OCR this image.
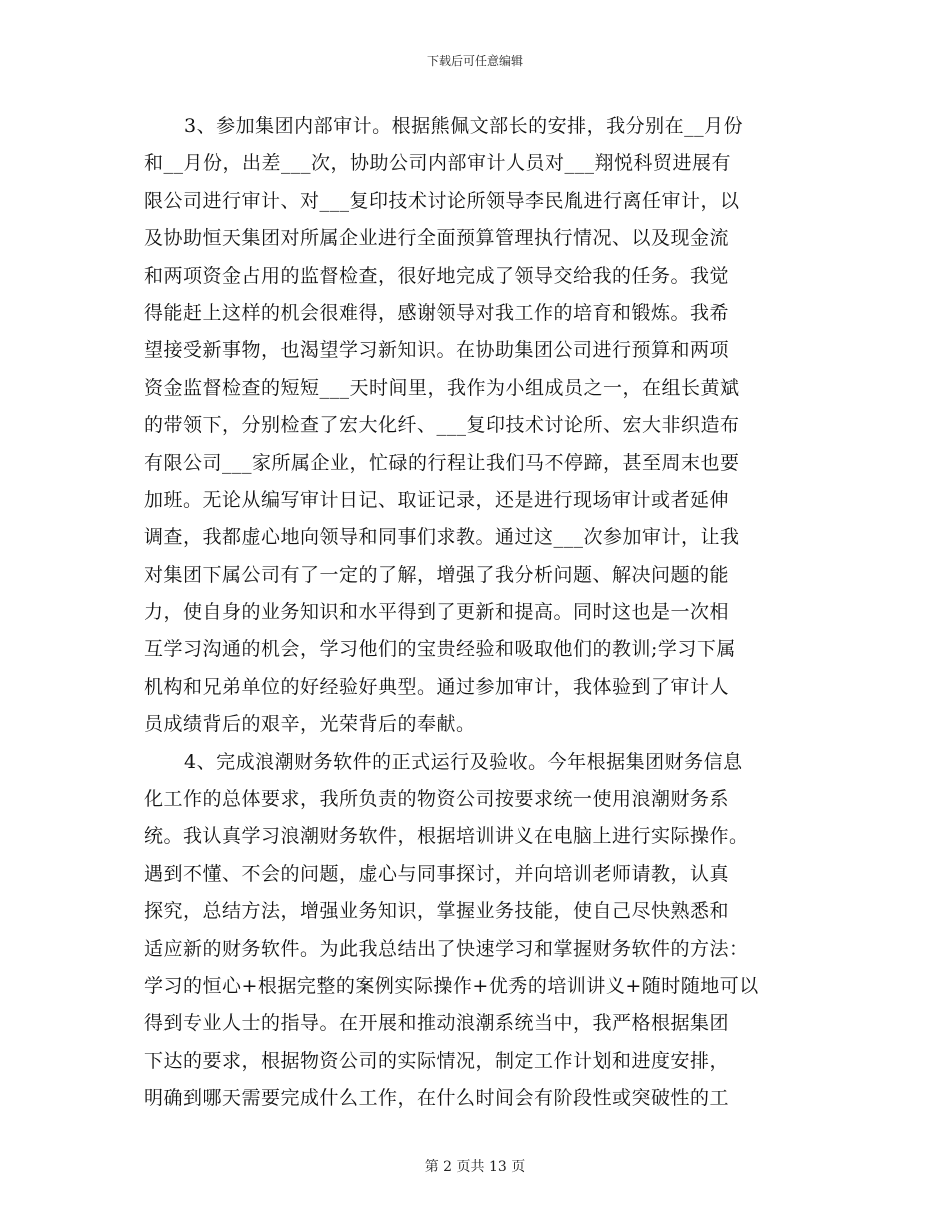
下载后可任意编辑
3、参加集团内部审计。根据熊佩文部长的安排，我分别在__月份
和__月份，出差___次，协助公司内部审计人员对___翔悦科贸进展有
限公司进行审计、对___复印技术讨论所领导李民胤进行离任审计，以
及协助恒天集团对所属企业进行全面预算管理执行情况、以及现金流
和两项资金占用的监督检查，很好地完成了领导交给我的任务。我觉
得能赶上这样的机会很难得，感谢领导对我工作的培育和锻炼。我希
望接受新事物，也渴望学习新知识。在协助集团公司进行预算和两项
资金监督检查的短短___天时间里，我作为小组成员之一，在组长黄斌
的带领下，分别检查了宏大化纤、___复印技术讨论所、宏大非织造布
有限公司___家所属企业，忙碌的行程让我们马不停蹄，甚至周末也要
加班。无论从编写审计日记、取证记录，还是进行现场审计或者延伸
调查，我都虚心地向领导和同事们求教。通过这___次参加审计，让我
对集团下属公司有了一定的了解，增强了我分析问题、解决问题的能
力，使自身的业务知识和水平得到了更新和提高。同时这也是一次相
互学习沟通的机会，学习他们的宝贵经验和吸取他们的教训;学习下属
机构和兄弟单位的好经验好典型。通过参加审计，我体验到了审计人
员成绩背后的艰辛，光荣背后的奉献。
4、完成浪潮财务软件的正式运行及验收。今年根据集团财务信息
化工作的总体要求，我所负责的物资公司按要求统一使用浪潮财务系
统。我认真学习浪潮财务软件，根据培训讲义在电脑上进行实际操作。
遇到不懂、不会的问题，虚心与同事探讨，并向培训老师请教，认真
探究，总结方法，增强业务知识，掌握业务技能，使自己尽快熟悉和
适应新的财务软件。为此我总结出了快速学习和掌握财务软件的方法：
学习的恒心+根据完整的案例实际操作+优秀的培训讲义+随时随地可以
得到专业人士的指导。在开展和推动浪潮系统当中，我严格根据集团
下达的要求，根据物资公司的实际情况，制定工作计划和进度安排，
明确到哪天需要完成什么工作，在什么时间会有阶段性或突破性的工
第 2 页共 13 页
